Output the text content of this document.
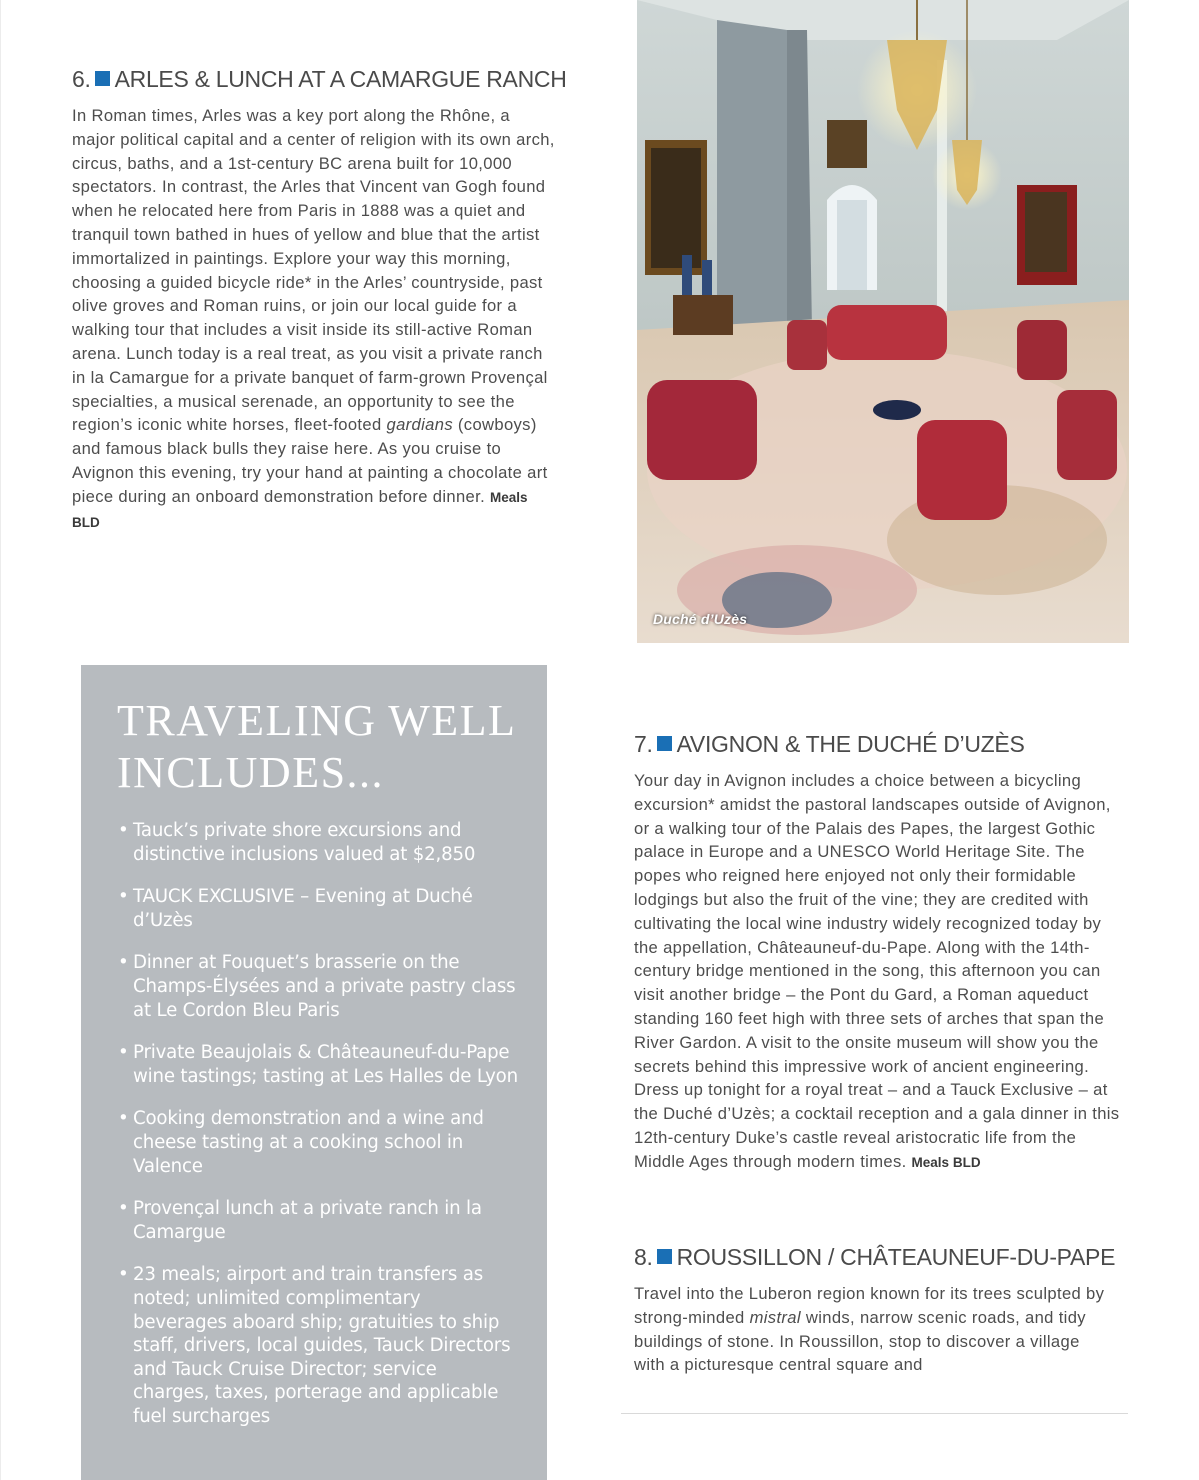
6. ARLES & LUNCH AT A CAMARGUE RANCH

In Roman times, Arles was a key port along the Rhône, a major political capital and a center of religion with its own arch, circus, baths, and a 1st-century BC arena built for 10,000 spectators. In contrast, the Arles that Vincent van Gogh found when he relocated here from Paris in 1888 was a quiet and tranquil town bathed in hues of yellow and blue that the artist immortalized in paintings. Explore your way this morning, choosing a guided bicycle ride* in the Arles’ countryside, past olive groves and Roman ruins, or join our local guide for a walking tour that includes a visit inside its still-active Roman arena. Lunch today is a real treat, as you visit a private ranch in la Camargue for a private banquet of farm-grown Provençal specialties, a musical serenade, an opportunity to see the region’s iconic white horses, fleet-footed gardians (cowboys) and famous black bulls they raise here. As you cruise to Avignon this evening, try your hand at painting a chocolate art piece during an onboard demonstration before dinner. Meals BLD

Duché d’Uzès
TRAVELING WELL
INCLUDES...
• Tauck’s private shore excursions and distinctive inclusions valued at $2,850
• TAUCK EXCLUSIVE – Evening at Duché d’Uzès
• Dinner at Fouquet’s brasserie on the Champs-Élysées and a private pastry class at Le Cordon Bleu Paris
• Private Beaujolais & Châteauneuf-du-Pape wine tastings; tasting at Les Halles de Lyon
• Cooking demonstration and a wine and cheese tasting at a cooking school in Valence
• Provençal lunch at a private ranch in la Camargue
• 23 meals; airport and train transfers as noted; unlimited complimentary beverages aboard ship; gratuities to ship staff, drivers, local guides, Tauck Directors and Tauck Cruise Director; service charges, taxes, porterage and applicable fuel surcharges
7. AVIGNON & THE DUCHÉ D’UZÈS

Your day in Avignon includes a choice between a bicycling excursion* amidst the pastoral landscapes outside of Avignon, or a walking tour of the Palais des Papes, the largest Gothic palace in Europe and a UNESCO World Heritage Site. The popes who reigned here enjoyed not only their formidable lodgings but also the fruit of the vine; they are credited with cultivating the local wine industry widely recognized today by the appellation, Châteauneuf-du-Pape. Along with the 14th-century bridge mentioned in the song, this afternoon you can visit another bridge – the Pont du Gard, a Roman aqueduct standing 160 feet high with three sets of arches that span the River Gardon. A visit to the onsite museum will show you the secrets behind this impressive work of ancient engineering. Dress up tonight for a royal treat – and a Tauck Exclusive – at the Duché d’Uzès; a cocktail reception and a gala dinner in this 12th-century Duke’s castle reveal aristocratic life from the Middle Ages through modern times. Meals BLD

8. ROUSSILLON / CHÂTEAUNEUF-DU-PAPE

Travel into the Luberon region known for its trees sculpted by strong-minded mistral winds, narrow scenic roads, and tidy buildings of stone. In Roussillon, stop to discover a village with a picturesque central square and
